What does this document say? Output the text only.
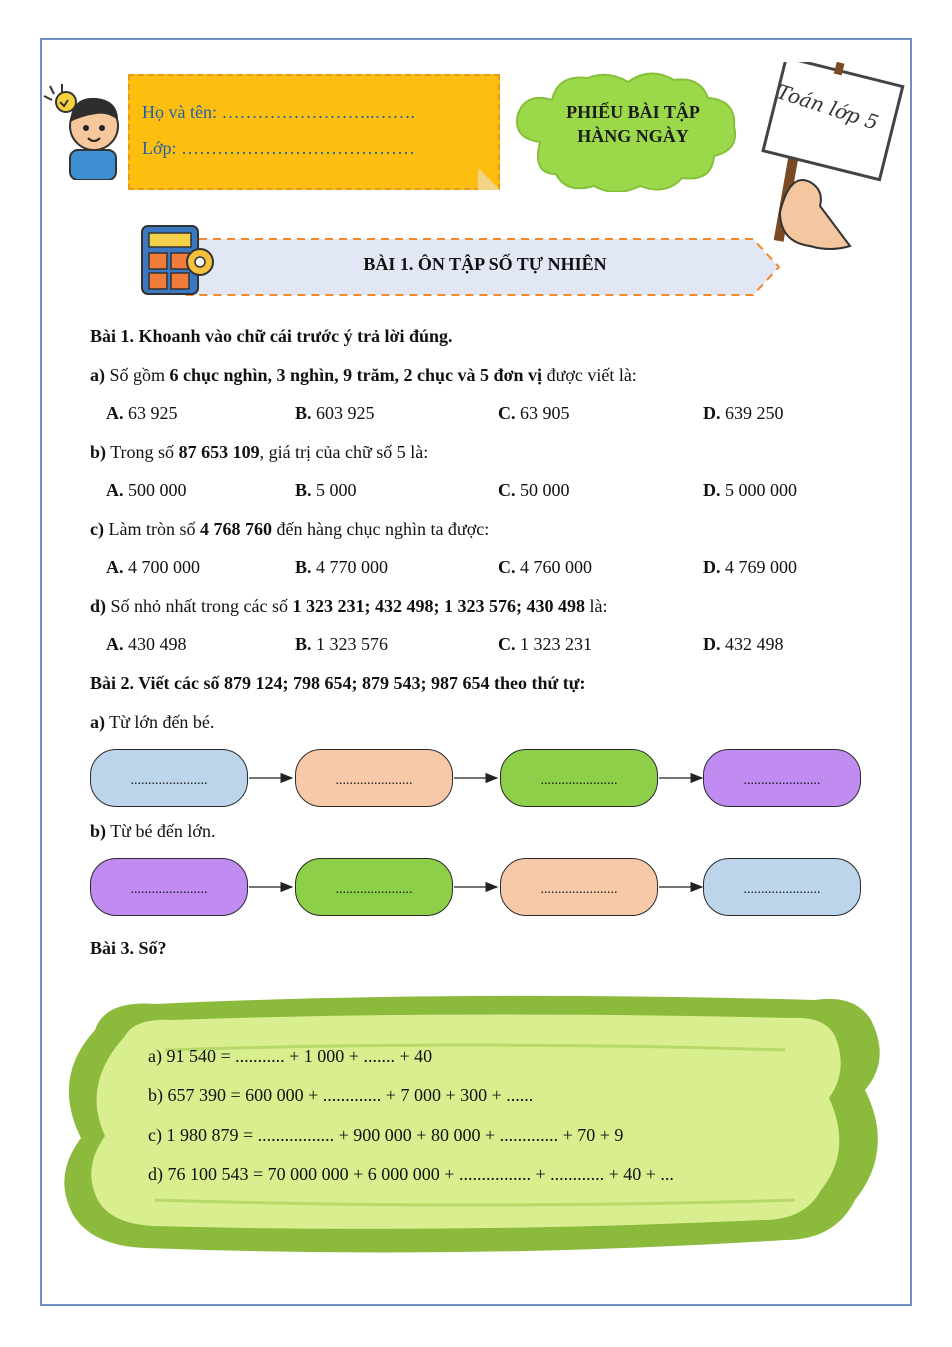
Họ và tên: ……………………..…….
Lớp: …………………………………
PHIẾU BÀI TẬP
HÀNG NGÀY
Toán lớp 5
BÀI 1. ÔN TẬP SỐ TỰ NHIÊN
Bài 1. Khoanh vào chữ cái trước ý trả lời đúng.
a) Số gồm 6 chục nghìn, 3 nghìn, 9 trăm, 2 chục và 5 đơn vị được viết là:
A. 63 925	B. 603 925	C. 63 905	D. 639 250
b) Trong số 87 653 109, giá trị của chữ số 5 là:
A. 500 000	B. 5 000	C. 50 000	D. 5 000 000
c) Làm tròn số 4 768 760 đến hàng chục nghìn ta được:
A. 4 700 000	B. 4 770 000	C. 4 760 000	D. 4 769 000
d) Số nhỏ nhất trong các số 1 323 231; 432 498; 1 323 576; 430 498 là:
A. 430 498	B. 1 323 576	C. 1 323 231	D. 432 498
Bài 2. Viết các số 879 124; 798 654; 879 543; 987 654 theo thứ tự:
a) Từ lớn đến bé.
......................	......................	......................	......................
b) Từ bé đến lớn.
......................	......................	......................	......................
Bài 3. Số?
a) 91 540 = ........... + 1 000 + ....... + 40
b) 657 390 = 600 000 + ............. + 7 000 + 300 + ......
c) 1 980 879 = ................. + 900 000 + 80 000 + ............. + 70 + 9
d) 76 100 543 = 70 000 000 + 6 000 000 + ................ + ............ + 40 + ...
